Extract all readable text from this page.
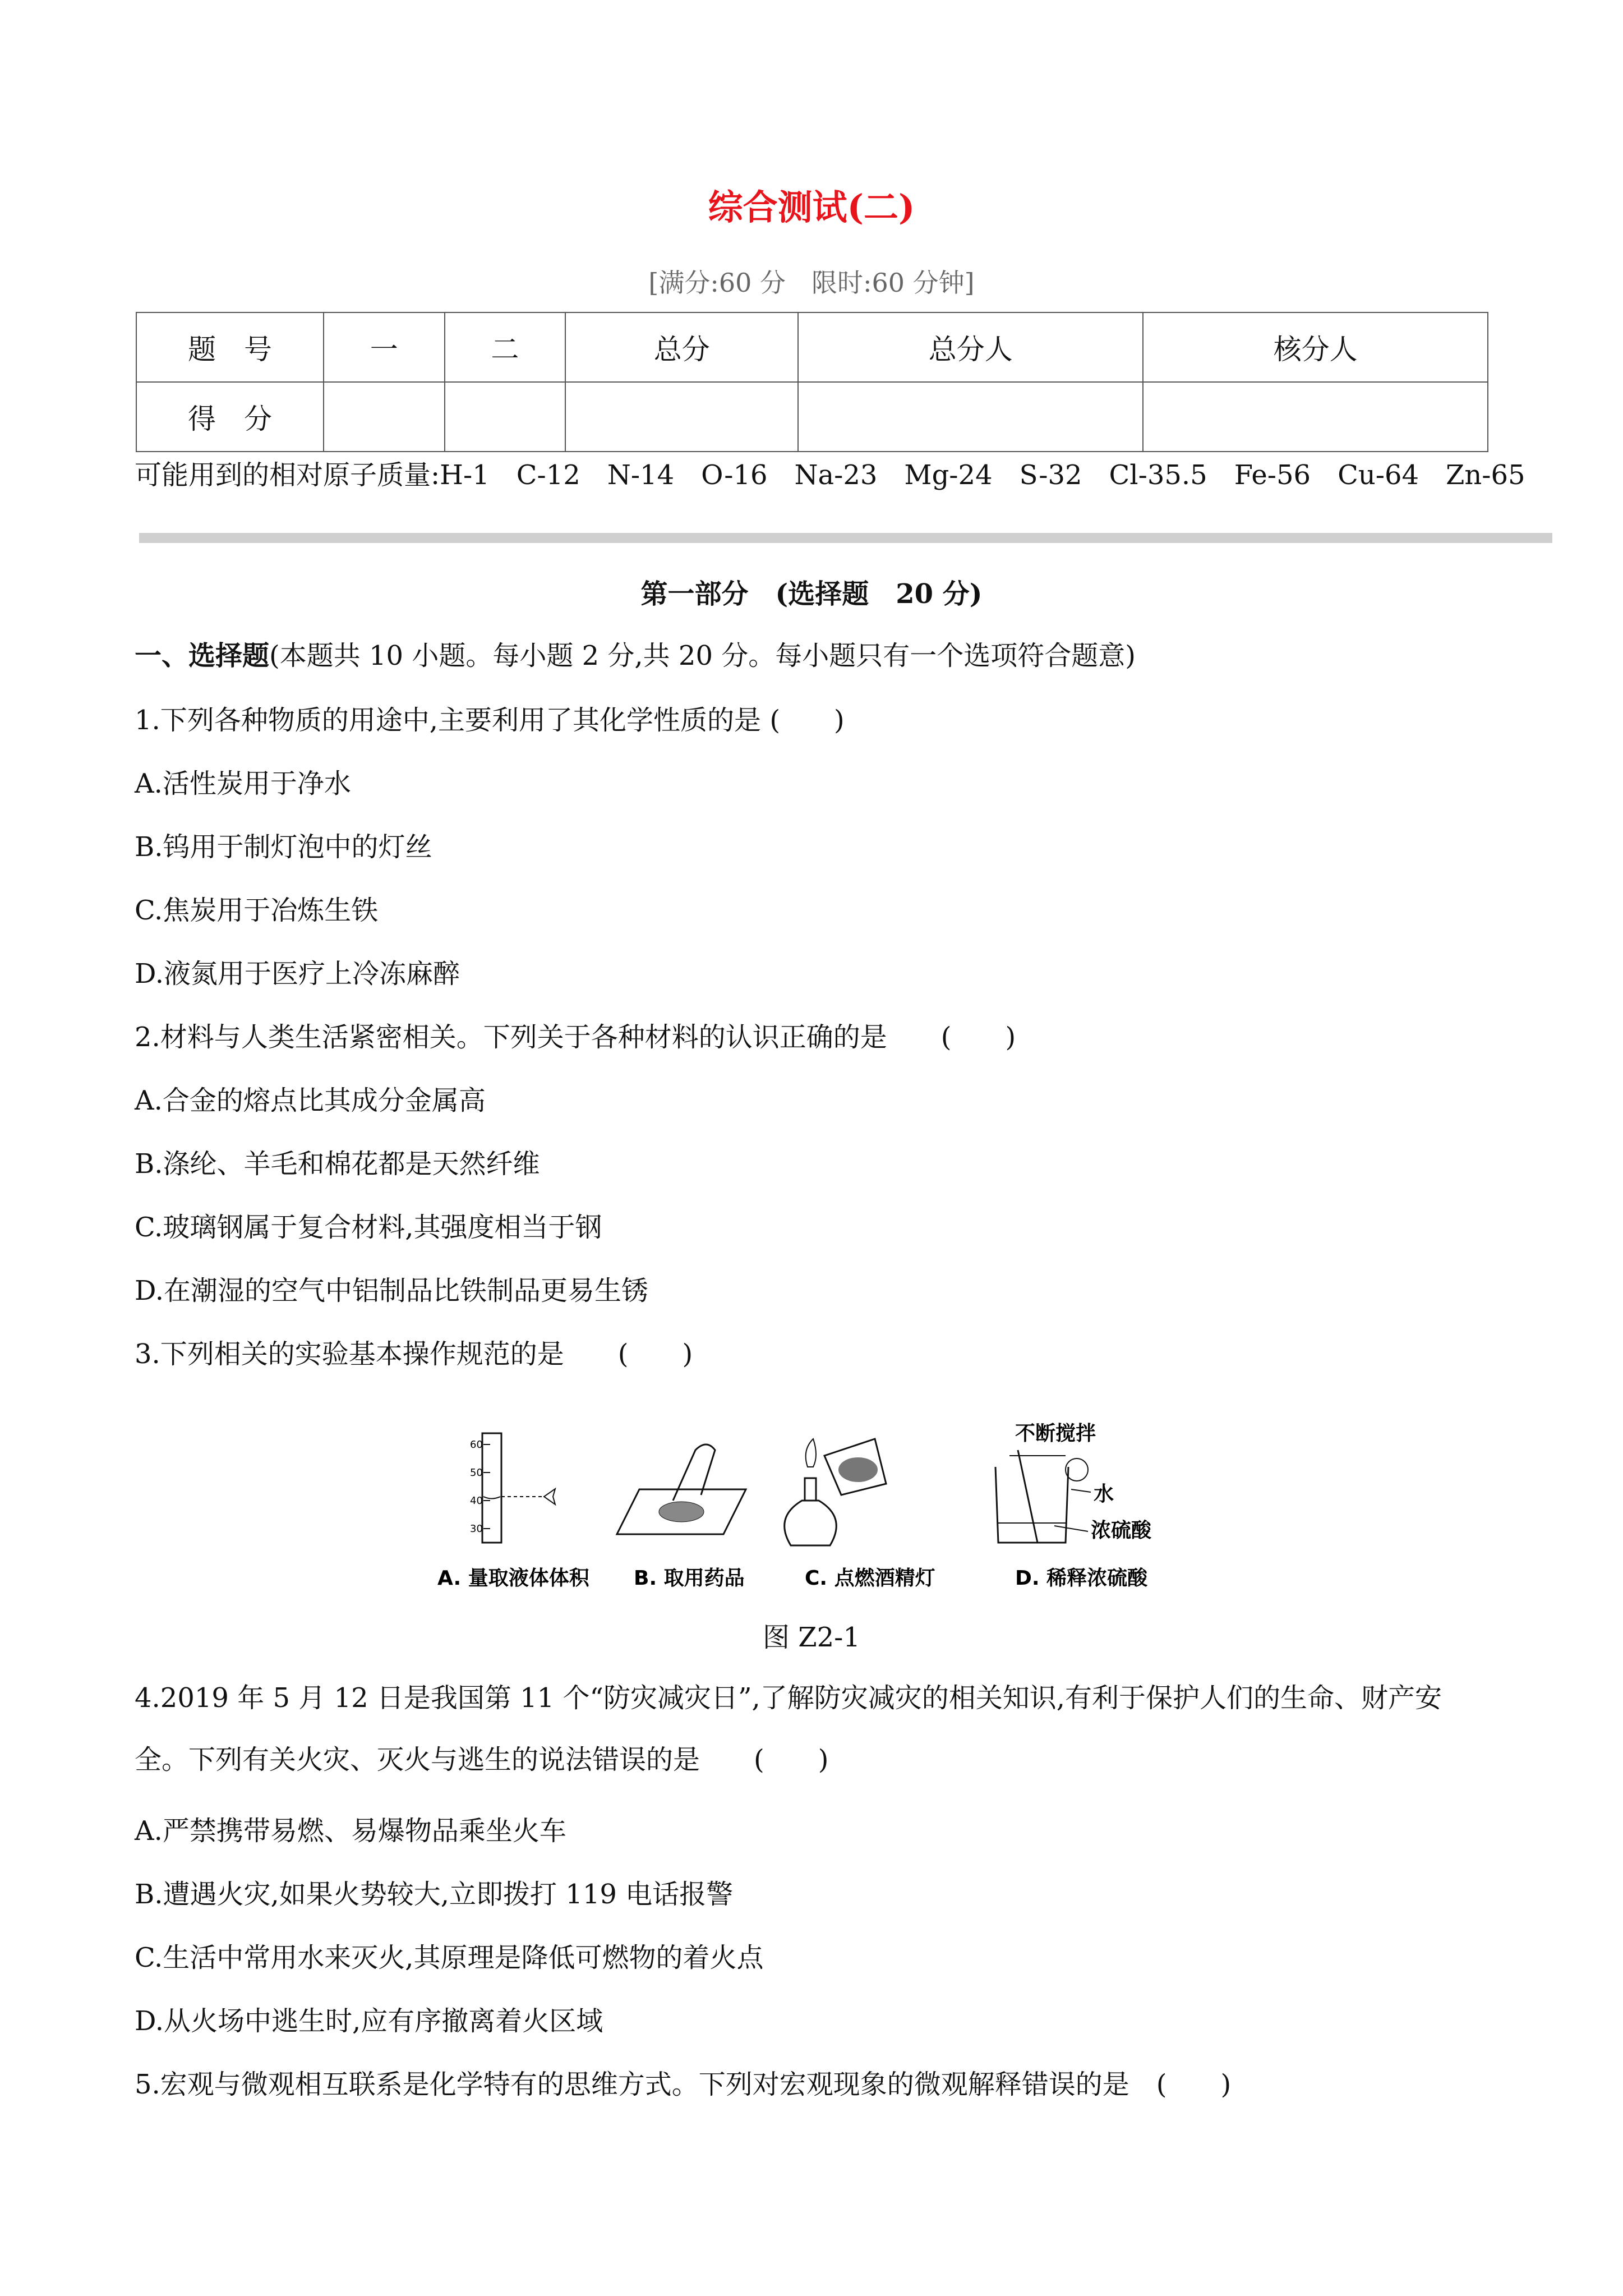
综合测试(二)
[满分:60 分　限时:60 分钟]
题　号	一	二	总分	总分人	核分人
得　分					
可能用到的相对原子质量:H-1　C-12　N-14　O-16　Na-23　Mg-24　S-32　Cl-35.5　Fe-56　Cu-64　Zn-65
第一部分　(选择题　20 分)
一、选择题(本题共 10 小题。每小题 2 分,共 20 分。每小题只有一个选项符合题意)
1.下列各种物质的用途中,主要利用了其化学性质的是 (　　)
A.活性炭用于净水
B.钨用于制灯泡中的灯丝
C.焦炭用于冶炼生铁
D.液氮用于医疗上冷冻麻醉
2.材料与人类生活紧密相关。下列关于各种材料的认识正确的是　　(　　)
A.合金的熔点比其成分金属高
B.涤纶、羊毛和棉花都是天然纤维
C.玻璃钢属于复合材料,其强度相当于钢
D.在潮湿的空气中铝制品比铁制品更易生锈
3.下列相关的实验基本操作规范的是　　(　　)
60
50
40
30
不断搅拌
水
浓硫酸
A. 量取液体体积 B. 取用药品	C. 点燃酒精灯	D. 稀释浓硫酸
图 Z2-1
4.2019 年 5 月 12 日是我国第 11 个“防灾减灾日”,了解防灾减灾的相关知识,有利于保护人们的生命、财产安全。下列有关火灾、灭火与逃生的说法错误的是　　(　　)
A.严禁携带易燃、易爆物品乘坐火车
B.遭遇火灾,如果火势较大,立即拨打 119 电话报警
C.生活中常用水来灭火,其原理是降低可燃物的着火点
D.从火场中逃生时,应有序撤离着火区域
5.宏观与微观相互联系是化学特有的思维方式。下列对宏观现象的微观解释错误的是　(　　)
